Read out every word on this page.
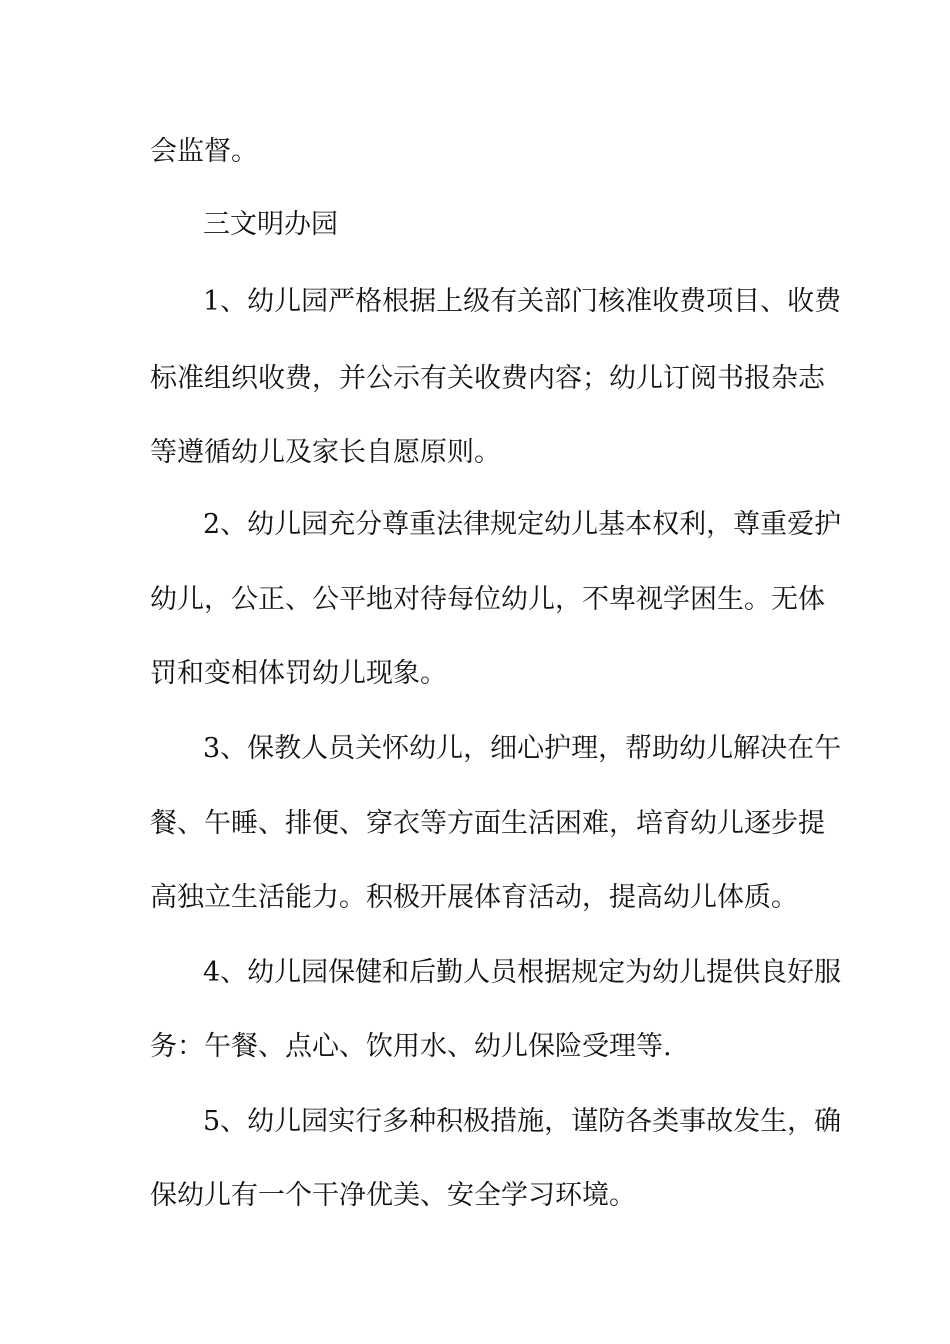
会监督。
三文明办园
1、幼儿园严格根据上级有关部门核准收费项目、收费
标准组织收费，并公示有关收费内容；幼儿订阅书报杂志
等遵循幼儿及家长自愿原则。
2、幼儿园充分尊重法律规定幼儿基本权利，尊重爱护
幼儿，公正、公平地对待每位幼儿，不卑视学困生。无体
罚和变相体罚幼儿现象。
3、保教人员关怀幼儿，细心护理，帮助幼儿解决在午
餐、午睡、排便、穿衣等方面生活困难，培育幼儿逐步提
高独立生活能力。积极开展体育活动，提高幼儿体质。
4、幼儿园保健和后勤人员根据规定为幼儿提供良好服
务：午餐、点心、饮用水、幼儿保险受理等.
5、幼儿园实行多种积极措施，谨防各类事故发生，确
保幼儿有一个干净优美、安全学习环境。
